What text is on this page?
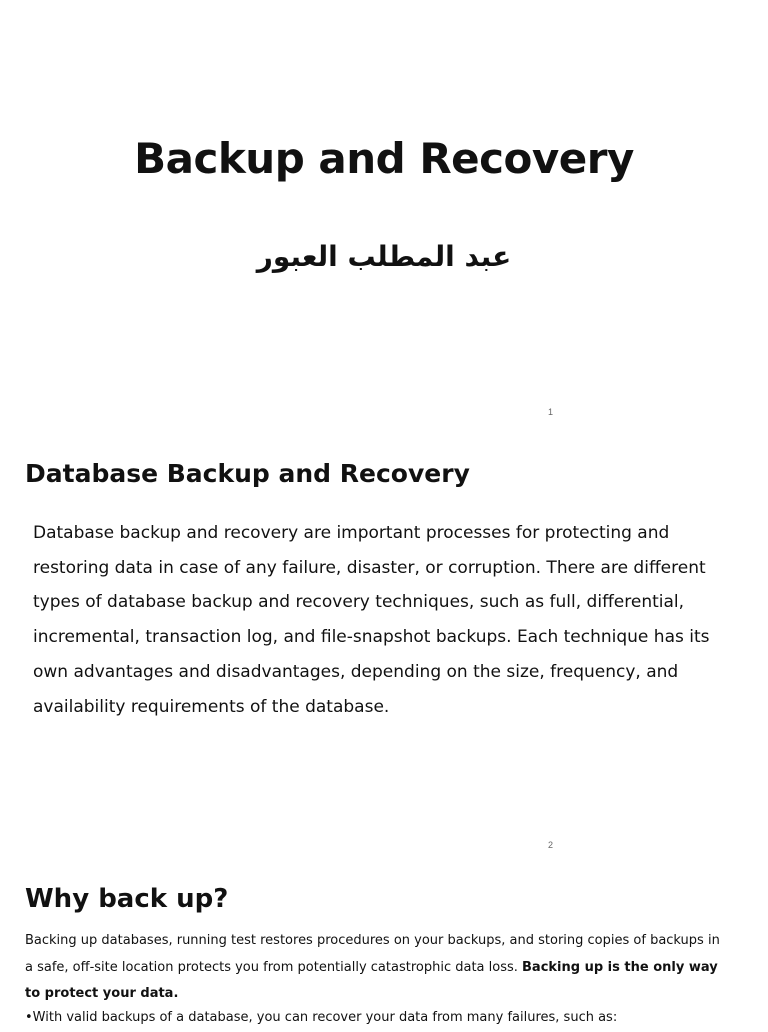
Backup and Recovery
عبد المطلب العبور
1
Database Backup and Recovery
Database backup and recovery are important processes for protecting and restoring data in case of any failure, disaster, or corruption. There are different types of database backup and recovery techniques, such as full, differential, incremental, transaction log, and file-snapshot backups. Each technique has its own advantages and disadvantages, depending on the size, frequency, and availability requirements of the database.
2
Why back up?
Backing up databases, running test restores procedures on your backups, and storing copies of backups in a safe, off-site location protects you from potentially catastrophic data loss. Backing up is the only way to protect your data.
•With valid backups of a database, you can recover your data from many failures, such as:
